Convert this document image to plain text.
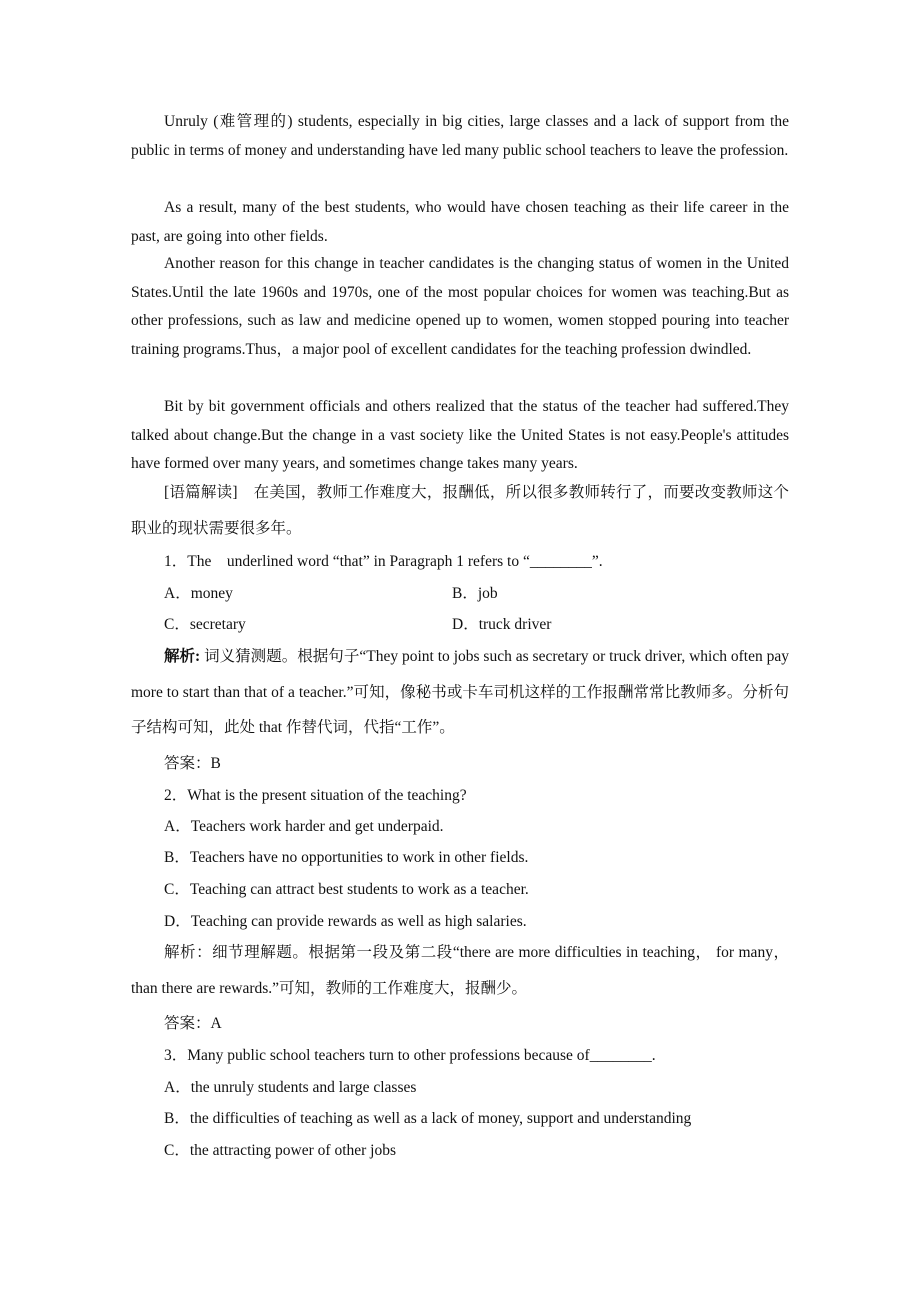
Unruly (难管理的) students, especially in big cities, large classes and a lack of support from the public in terms of money and understanding have led many public school teachers to leave the profession.

As a result, many of the best students, who would have chosen teaching as their life career in the past, are going into other fields.

Another reason for this change in teacher candidates is the changing status of women in the United States.Until the late 1960s and 1970s, one of the most popular choices for women was teaching.But as other professions, such as law and medicine opened up to women, women stopped pouring into teacher training programs.Thus，a major pool of excellent candidates for the teaching profession dwindled.

Bit by bit government officials and others realized that the status of the teacher had suffered.They talked about change.But the change in a vast society like the United States is not easy.People's attitudes have formed over many years, and sometimes change takes many years.

[语篇解读]　在美国，教师工作难度大，报酬低，所以很多教师转行了，而要改变教师这个职业的现状需要很多年。

1．The　underlined word “that” in Paragraph 1 refers to “________”.
A．money	B．job
C．secretary	D．truck driver

解析: 词义猜测题。根据句子“They point to jobs such as secretary or truck driver, which often pay more to start than that of a teacher.”可知，像秘书或卡车司机这样的工作报酬常常比教师多。分析句子结构可知，此处 that 作替代词，代指“工作”。

答案：B
2．What is the present situation of the teaching?
A．Teachers work harder and get underpaid.
B．Teachers have no opportunities to work in other fields.
C．Teaching can attract best students to work as a teacher.
D．Teaching can provide rewards as well as high salaries.

解析：细节理解题。根据第一段及第二段“there are more difficulties in teaching， for many，than there are rewards.”可知，教师的工作难度大，报酬少。

答案：A
3．Many public school teachers turn to other professions because of________.
A．the unruly students and large classes
B．the difficulties of teaching as well as a lack of money, support and understanding
C．the attracting power of other jobs
